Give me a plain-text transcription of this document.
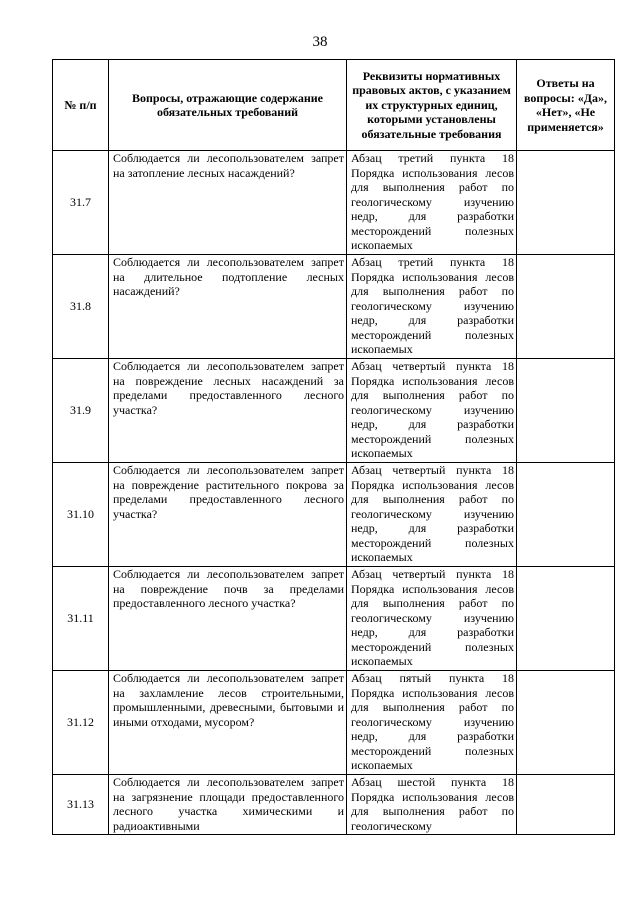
38
№ п/п	Вопросы, отражающие содержание обязательных требований	Реквизиты нормативных правовых актов, с указанием их структурных единиц, которыми установлены обязательные требования	Ответы на вопросы: «Да», «Нет», «Не применяется»
31.7	Соблюдается ли лесопользователем запрет на затопление лесных насаждений?	Абзац третий пункта 18 Порядка использования лесов для выполнения работ по геологическому изучению недр, для разработки месторождений полезных ископаемых	
31.8	Соблюдается ли лесопользователем запрет на длительное подтопление лесных насаждений?	Абзац третий пункта 18 Порядка использования лесов для выполнения работ по геологическому изучению недр, для разработки месторождений полезных ископаемых	
31.9	Соблюдается ли лесопользователем запрет на повреждение лесных насаждений за пределами предоставленного лесного участка?	Абзац четвертый пункта 18 Порядка использования лесов для выполнения работ по геологическому изучению недр, для разработки месторождений полезных ископаемых	
31.10	Соблюдается ли лесопользователем запрет на повреждение растительного покрова за пределами предоставленного лесного участка?	Абзац четвертый пункта 18 Порядка использования лесов для выполнения работ по геологическому изучению недр, для разработки месторождений полезных ископаемых	
31.11	Соблюдается ли лесопользователем запрет на повреждение почв за пределами предоставленного лесного участка?	Абзац четвертый пункта 18 Порядка использования лесов для выполнения работ по геологическому изучению недр, для разработки месторождений полезных ископаемых	
31.12	Соблюдается ли лесопользователем запрет на захламление лесов строительными, промышленными, древесными, бытовыми и иными отходами, мусором?	Абзац пятый пункта 18 Порядка использования лесов для выполнения работ по геологическому изучению недр, для разработки месторождений полезных ископаемых	
31.13	Соблюдается ли лесопользователем запрет на загрязнение площади предоставленного лесного участка химическими и радиоактивными	Абзац шестой пункта 18 Порядка использования лесов для выполнения работ по геологическому	
